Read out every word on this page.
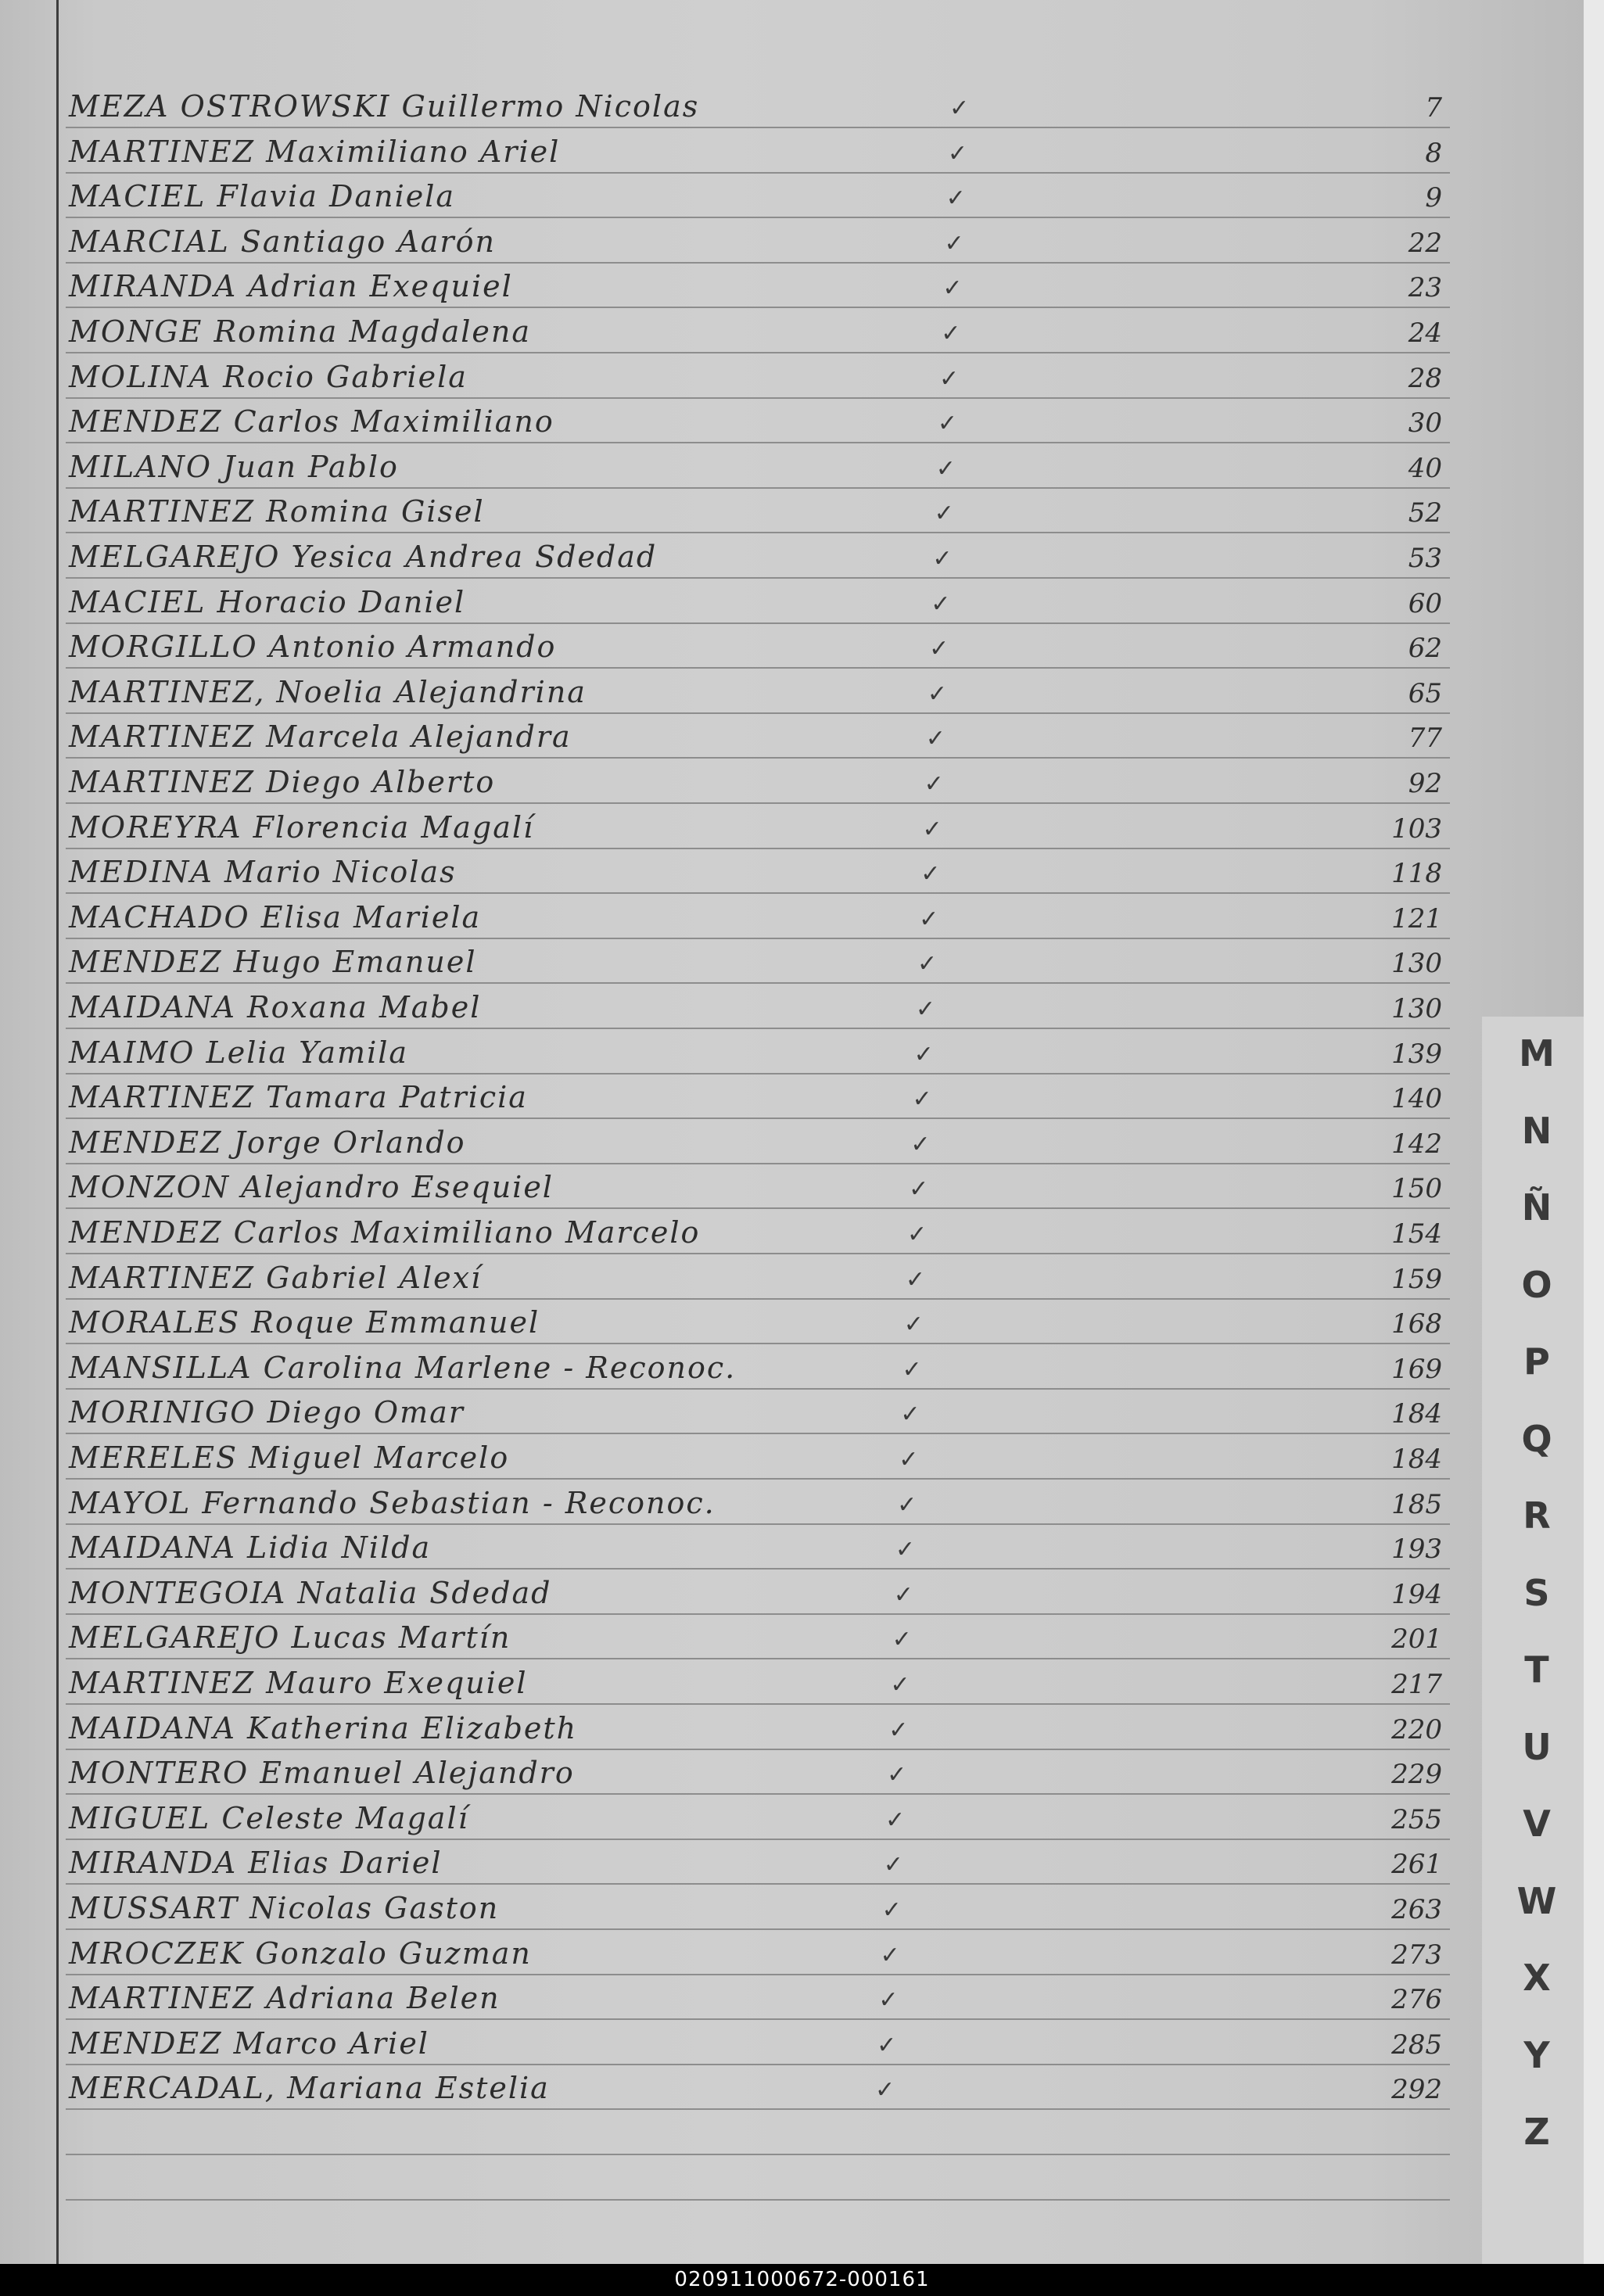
MEZA OSTROWSKI Guillermo Nicolas	✓	7
MARTINEZ Maximiliano Ariel	✓	8
MACIEL Flavia Daniela	✓	9
MARCIAL Santiago Aarón	✓	22
MIRANDA Adrian Exequiel	✓	23
MONGE Romina Magdalena	✓	24
MOLINA Rocio Gabriela	✓	28
MENDEZ Carlos Maximiliano	✓	30
MILANO Juan Pablo	✓	40
MARTINEZ Romina Gisel	✓	52
MELGAREJO Yesica Andrea Sdedad	✓	53
MACIEL Horacio Daniel	✓	60
MORGILLO Antonio Armando	✓	62
MARTINEZ, Noelia Alejandrina	✓	65
MARTINEZ Marcela Alejandra	✓	77
MARTINEZ Diego Alberto	✓	92
MOREYRA Florencia Magalí	✓	103
MEDINA Mario Nicolas	✓	118
MACHADO Elisa Mariela	✓	121
MENDEZ Hugo Emanuel	✓	130
MAIDANA Roxana Mabel	✓	130
MAIMO Lelia Yamila	✓	139
MARTINEZ Tamara Patricia	✓	140
MENDEZ Jorge Orlando	✓	142
MONZON Alejandro Esequiel	✓	150
MENDEZ Carlos Maximiliano Marcelo	✓	154
MARTINEZ Gabriel Alexí	✓	159
MORALES Roque Emmanuel	✓	168
MANSILLA Carolina Marlene - Reconoc.	✓	169
MORINIGO Diego Omar	✓	184
MERELES Miguel Marcelo	✓	184
MAYOL Fernando Sebastian - Reconoc.	✓	185
MAIDANA Lidia Nilda	✓	193
MONTEGOIA Natalia Sdedad	✓	194
MELGAREJO Lucas Martín	✓	201
MARTINEZ Mauro Exequiel	✓	217
MAIDANA Katherina Elizabeth	✓	220
MONTERO Emanuel Alejandro	✓	229
MIGUEL Celeste Magalí	✓	255
MIRANDA Elias Dariel	✓	261
MUSSART Nicolas Gaston	✓	263
MROCZEK Gonzalo Guzman	✓	273
MARTINEZ Adriana Belen	✓	276
MENDEZ Marco Ariel	✓	285
MERCADAL, Mariana Estelia	✓	292
M
N
Ñ
O
P
Q
R
S
T
U
V
W
X
Y
Z
020911000672-000161
